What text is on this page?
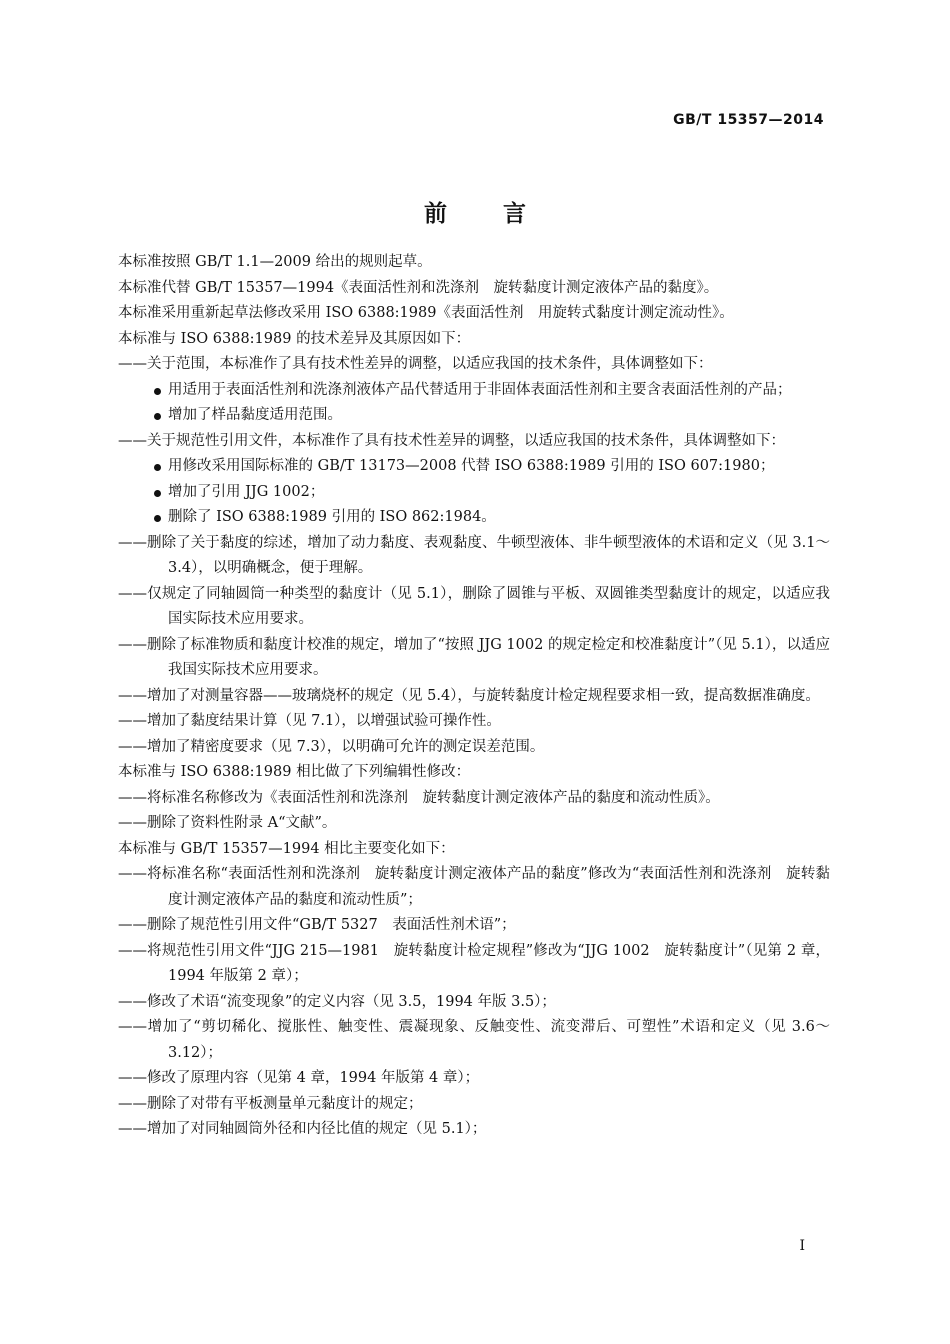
GB/T 15357—2014
前言

本标准按照 GB/T 1.1—2009 给出的规则起草。

本标准代替 GB/T 15357—1994《表面活性剂和洗涤剂　旋转黏度计测定液体产品的黏度》。

本标准采用重新起草法修改采用 ISO 6388:1989《表面活性剂　用旋转式黏度计测定流动性》。

本标准与 ISO 6388:1989 的技术差异及其原因如下：

——关于范围，本标准作了具有技术性差异的调整，以适应我国的技术条件，具体调整如下：

用适用于表面活性剂和洗涤剂液体产品代替适用于非固体表面活性剂和主要含表面活性剂的产品；
增加了样品黏度适用范围。

——关于规范性引用文件，本标准作了具有技术性差异的调整，以适应我国的技术条件，具体调整如下：

用修改采用国际标准的 GB/T 13173—2008 代替 ISO 6388:1989 引用的 ISO 607:1980；
增加了引用 JJG 1002；
删除了 ISO 6388:1989 引用的 ISO 862:1984。

——删除了关于黏度的综述，增加了动力黏度、表观黏度、牛顿型液体、非牛顿型液体的术语和定义（见 3.1～3.4），以明确概念，便于理解。

——仅规定了同轴圆筒一种类型的黏度计（见 5.1），删除了圆锥与平板、双圆锥类型黏度计的规定，以适应我国实际技术应用要求。

——删除了标准物质和黏度计校准的规定，增加了“按照 JJG 1002 的规定检定和校准黏度计”（见 5.1），以适应我国实际技术应用要求。

——增加了对测量容器——玻璃烧杯的规定（见 5.4），与旋转黏度计检定规程要求相一致，提高数据准确度。

——增加了黏度结果计算（见 7.1），以增强试验可操作性。

——增加了精密度要求（见 7.3），以明确可允许的测定误差范围。

本标准与 ISO 6388:1989 相比做了下列编辑性修改：

——将标准名称修改为《表面活性剂和洗涤剂　旋转黏度计测定液体产品的黏度和流动性质》。

——删除了资料性附录 A“文献”。

本标准与 GB/T 15357—1994 相比主要变化如下：

——将标准名称“表面活性剂和洗涤剂　旋转黏度计测定液体产品的黏度”修改为“表面活性剂和洗涤剂　旋转黏度计测定液体产品的黏度和流动性质”；

——删除了规范性引用文件“GB/T 5327　表面活性剂术语”；

——将规范性引用文件“JJG 215—1981　旋转黏度计检定规程”修改为“JJG 1002　旋转黏度计”（见第 2 章，1994 年版第 2 章）；

——修改了术语“流变现象”的定义内容（见 3.5，1994 年版 3.5）；

——增加了“剪切稀化、搅胀性、触变性、震凝现象、反触变性、流变滞后、可塑性”术语和定义（见 3.6～3.12）；

——修改了原理内容（见第 4 章，1994 年版第 4 章）；

——删除了对带有平板测量单元黏度计的规定；

——增加了对同轴圆筒外径和内径比值的规定（见 5.1）；

I
